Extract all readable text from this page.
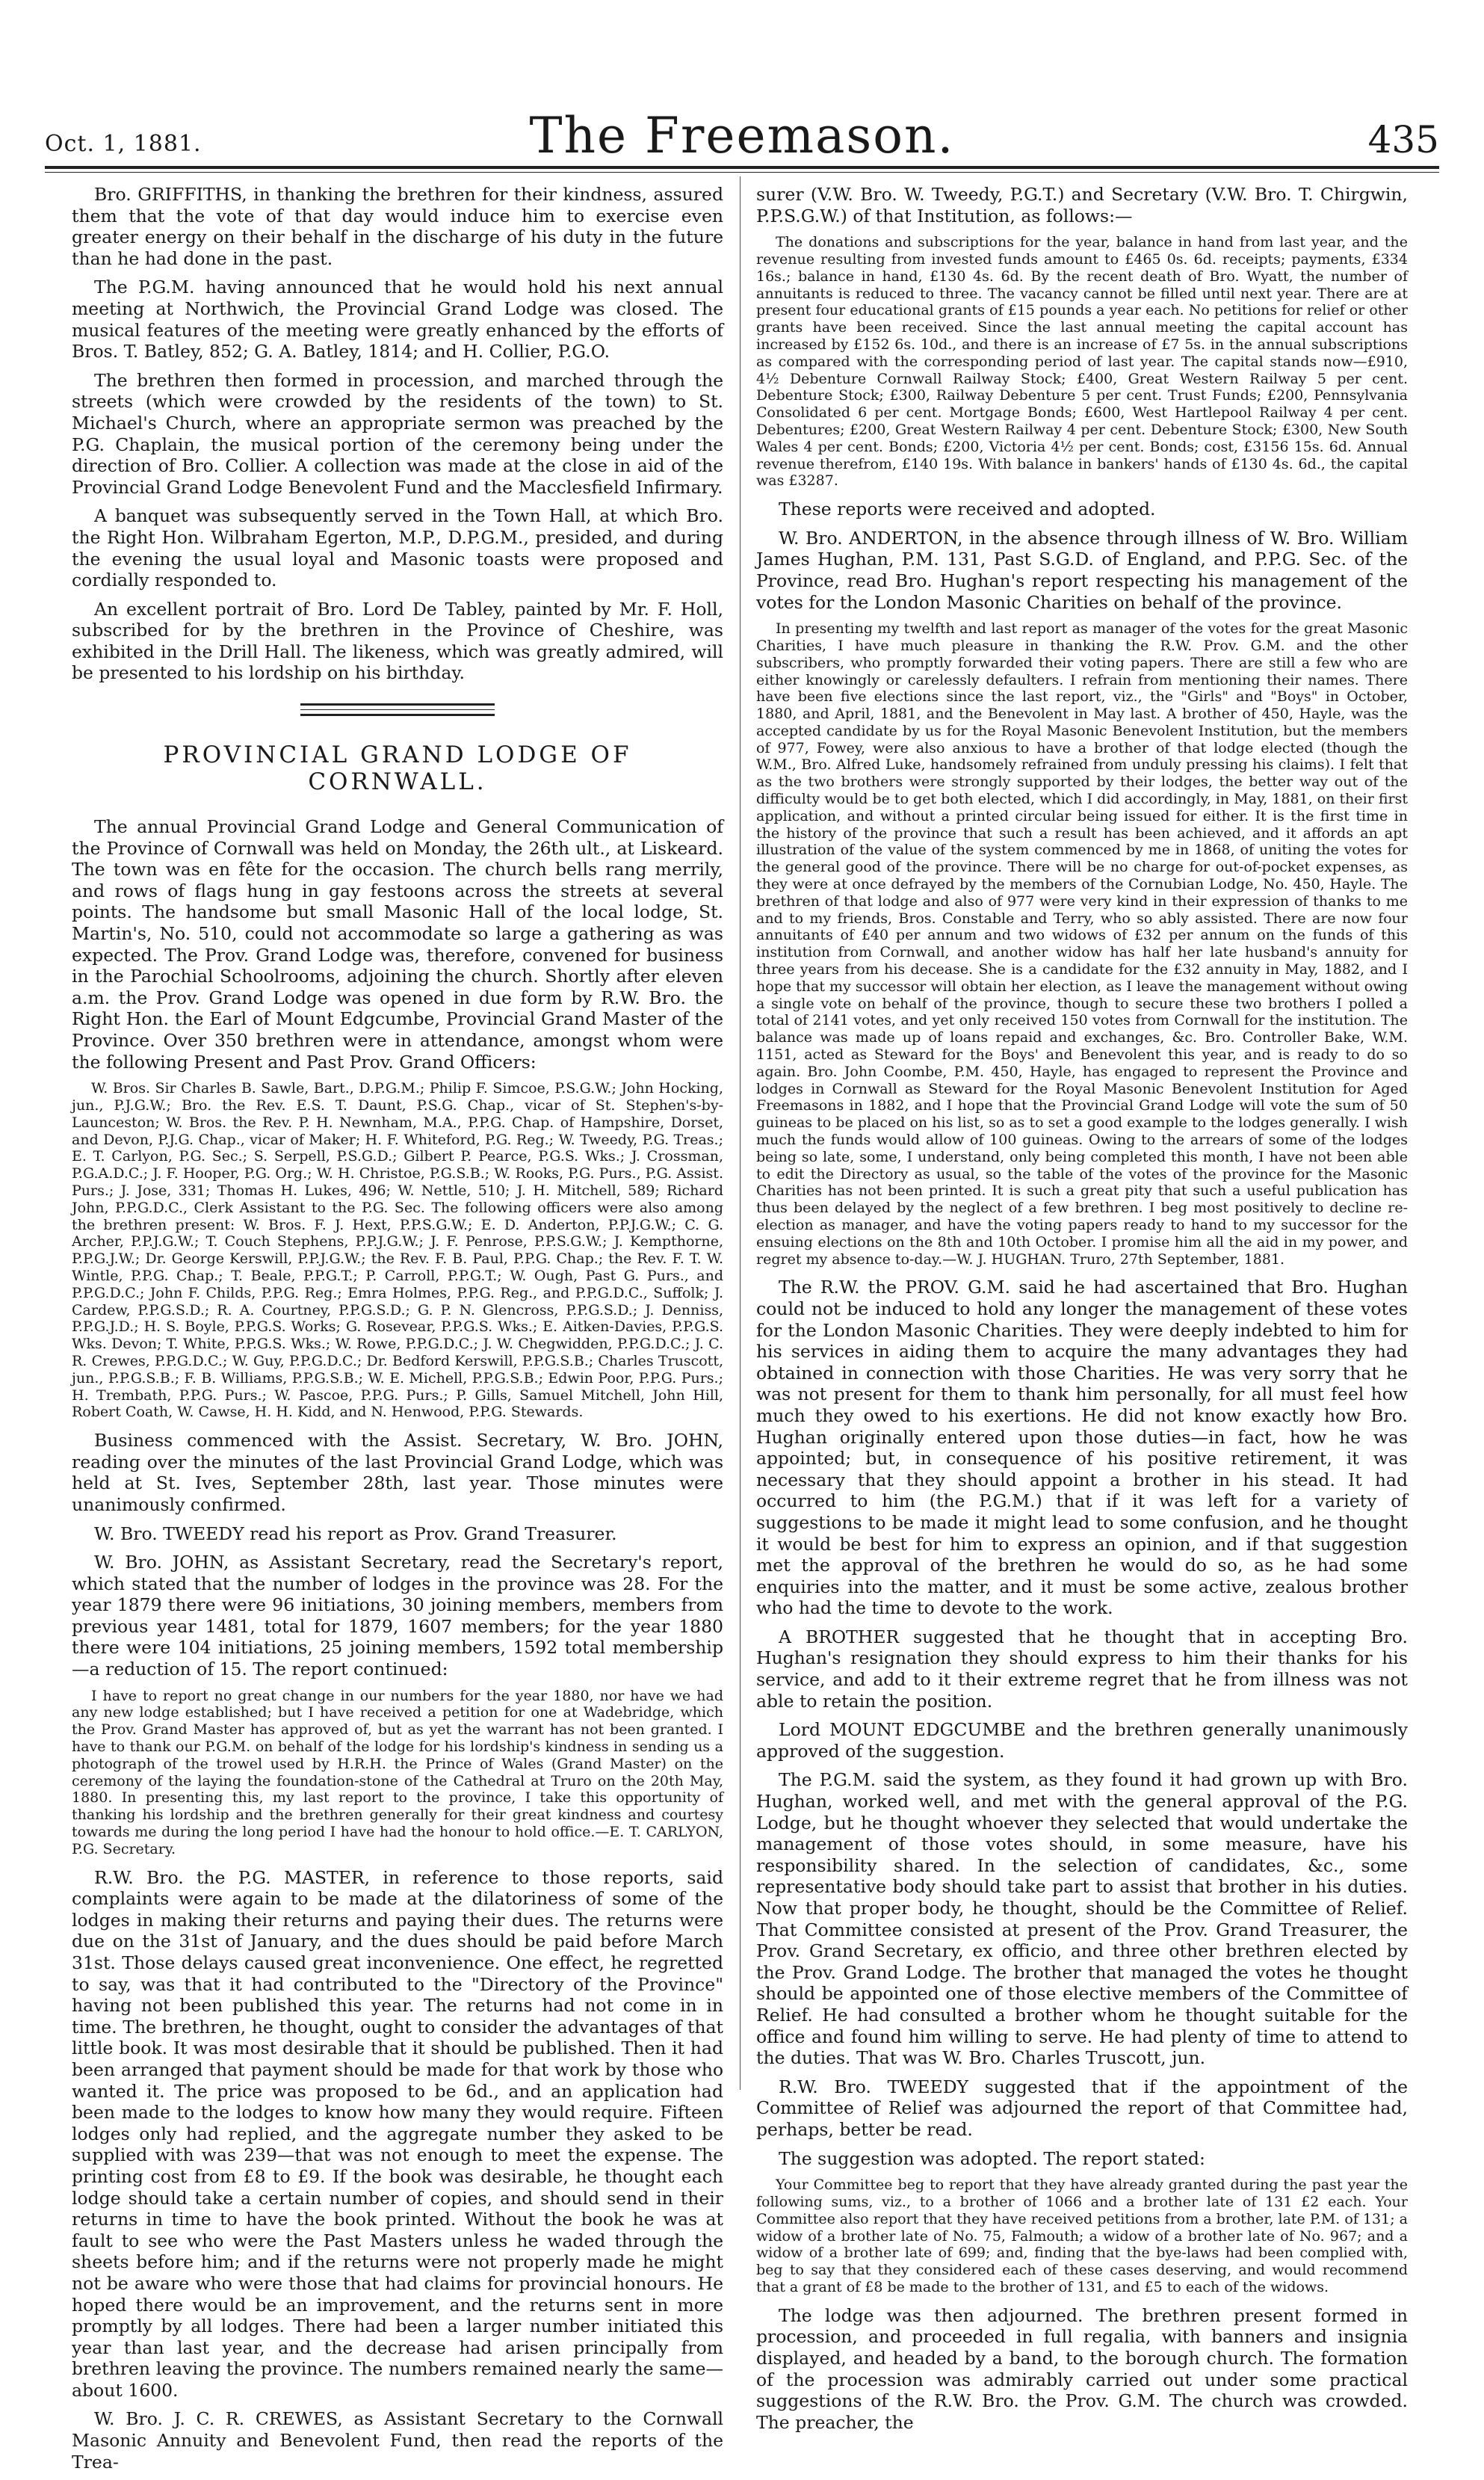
Oct. 1, 1881.	The Freemason.	435

Bro. GRIFFITHS, in thanking the brethren for their kindness, assured them that the vote of that day would induce him to exercise even greater energy on their behalf in the discharge of his duty in the future than he had done in the past.

The P.G.M. having announced that he would hold his next annual meeting at Northwich, the Provincial Grand Lodge was closed. The musical features of the meeting were greatly enhanced by the efforts of Bros. T. Batley, 852; G. A. Batley, 1814; and H. Collier, P.G.O.

The brethren then formed in procession, and marched through the streets (which were crowded by the residents of the town) to St. Michael's Church, where an appropriate sermon was preached by the P.G. Chaplain, the musical portion of the ceremony being under the direction of Bro. Collier. A collection was made at the close in aid of the Provincial Grand Lodge Benevolent Fund and the Macclesfield Infirmary.

A banquet was subsequently served in the Town Hall, at which Bro. the Right Hon. Wilbraham Egerton, M.P., D.P.G.M., presided, and during the evening the usual loyal and Masonic toasts were proposed and cordially responded to.

An excellent portrait of Bro. Lord De Tabley, painted by Mr. F. Holl, subscribed for by the brethren in the Province of Cheshire, was exhibited in the Drill Hall. The likeness, which was greatly admired, will be presented to his lordship on his birthday.

PROVINCIAL GRAND LODGE OF CORNWALL.

The annual Provincial Grand Lodge and General Communication of the Province of Cornwall was held on Monday, the 26th ult., at Liskeard. The town was en fête for the occasion. The church bells rang merrily, and rows of flags hung in gay festoons across the streets at several points. The handsome but small Masonic Hall of the local lodge, St. Martin's, No. 510, could not accommodate so large a gathering as was expected. The Prov. Grand Lodge was, therefore, convened for business in the Parochial Schoolrooms, adjoining the church. Shortly after eleven a.m. the Prov. Grand Lodge was opened in due form by R.W. Bro. the Right Hon. the Earl of Mount Edgcumbe, Provincial Grand Master of the Province. Over 350 brethren were in attendance, amongst whom were the following Present and Past Prov. Grand Officers:

W. Bros. Sir Charles B. Sawle, Bart., D.P.G.M.; Philip F. Simcoe, P.S.G.W.; John Hocking, jun., P.J.G.W.; Bro. the Rev. E.S. T. Daunt, P.S.G. Chap., vicar of St. Stephen's-by-Launceston; W. Bros. the Rev. P. H. Newnham, M.A., P.P.G. Chap. of Hampshire, Dorset, and Devon, P.J.G. Chap., vicar of Maker; H. F. Whiteford, P.G. Reg.; W. Tweedy, P.G. Treas.; E. T. Carlyon, P.G. Sec.; S. Serpell, P.S.G.D.; Gilbert P. Pearce, P.G.S. Wks.; J. Crossman, P.G.A.D.C.; J. F. Hooper, P.G. Org.; W. H. Christoe, P.G.S.B.; W. Rooks, P.G. Purs., P.G. Assist. Purs.; J. Jose, 331; Thomas H. Lukes, 496; W. Nettle, 510; J. H. Mitchell, 589; Richard John, P.P.G.D.C., Clerk Assistant to the P.G. Sec. The following officers were also among the brethren present: W. Bros. F. J. Hext, P.P.S.G.W.; E. D. Anderton, P.P.J.G.W.; C. G. Archer, P.P.J.G.W.; T. Couch Stephens, P.P.J.G.W.; J. F. Penrose, P.P.S.G.W.; J. Kempthorne, P.P.G.J.W.; Dr. George Kerswill, P.P.J.G.W.; the Rev. F. B. Paul, P.P.G. Chap.; the Rev. F. T. W. Wintle, P.P.G. Chap.; T. Beale, P.P.G.T.; P. Carroll, P.P.G.T.; W. Ough, Past G. Purs., and P.P.G.D.C.; John F. Childs, P.P.G. Reg.; Emra Holmes, P.P.G. Reg., and P.P.G.D.C., Suffolk; J. Cardew, P.P.G.S.D.; R. A. Courtney, P.P.G.S.D.; G. P. N. Glencross, P.P.G.S.D.; J. Denniss, P.P.G.J.D.; H. S. Boyle, P.P.G.S. Works; G. Rosevear, P.P.G.S. Wks.; E. Aitken-Davies, P.P.G.S. Wks. Devon; T. White, P.P.G.S. Wks.; W. Rowe, P.P.G.D.C.; J. W. Chegwidden, P.P.G.D.C.; J. C. R. Crewes, P.P.G.D.C.; W. Guy, P.P.G.D.C.; Dr. Bedford Kerswill, P.P.G.S.B.; Charles Truscott, jun., P.P.G.S.B.; F. B. Williams, P.P.G.S.B.; W. E. Michell, P.P.G.S.B.; Edwin Poor, P.P.G. Purs.; H. Trembath, P.P.G. Purs.; W. Pascoe, P.P.G. Purs.; P. Gills, Samuel Mitchell, John Hill, Robert Coath, W. Cawse, H. H. Kidd, and N. Henwood, P.P.G. Stewards.

Business commenced with the Assist. Secretary, W. Bro. JOHN, reading over the minutes of the last Provincial Grand Lodge, which was held at St. Ives, September 28th, last year. Those minutes were unanimously confirmed.

W. Bro. TWEEDY read his report as Prov. Grand Treasurer.

W. Bro. JOHN, as Assistant Secretary, read the Secretary's report, which stated that the number of lodges in the province was 28. For the year 1879 there were 96 initiations, 30 joining members, members from previous year 1481, total for 1879, 1607 members; for the year 1880 there were 104 initiations, 25 joining members, 1592 total membership—a reduction of 15. The report continued:

I have to report no great change in our numbers for the year 1880, nor have we had any new lodge established; but I have received a petition for one at Wadebridge, which the Prov. Grand Master has approved of, but as yet the warrant has not been granted. I have to thank our P.G.M. on behalf of the lodge for his lordship's kindness in sending us a photograph of the trowel used by H.R.H. the Prince of Wales (Grand Master) on the ceremony of the laying the foundation-stone of the Cathedral at Truro on the 20th May, 1880. In presenting this, my last report to the province, I take this opportunity of thanking his lordship and the brethren generally for their great kindness and courtesy towards me during the long period I have had the honour to hold office.—E. T. CARLYON, P.G. Secretary.

R.W. Bro. the P.G. MASTER, in reference to those reports, said complaints were again to be made at the dilatoriness of some of the lodges in making their returns and paying their dues. The returns were due on the 31st of January, and the dues should be paid before March 31st. Those delays caused great inconvenience. One effect, he regretted to say, was that it had contributed to the "Directory of the Province" having not been published this year. The returns had not come in in time. The brethren, he thought, ought to consider the advantages of that little book. It was most desirable that it should be published. Then it had been arranged that payment should be made for that work by those who wanted it. The price was proposed to be 6d., and an application had been made to the lodges to know how many they would require. Fifteen lodges only had replied, and the aggregate number they asked to be supplied with was 239—that was not enough to meet the expense. The printing cost from £8 to £9. If the book was desirable, he thought each lodge should take a certain number of copies, and should send in their returns in time to have the book printed. Without the book he was at fault to see who were the Past Masters unless he waded through the sheets before him; and if the returns were not properly made he might not be aware who were those that had claims for provincial honours. He hoped there would be an improvement, and the returns sent in more promptly by all lodges. There had been a larger number initiated this year than last year, and the decrease had arisen principally from brethren leaving the province. The numbers remained nearly the same—about 1600.

W. Bro. J. C. R. CREWES, as Assistant Secretary to the Cornwall Masonic Annuity and Benevolent Fund, then read the reports of the Trea-

surer (V.W. Bro. W. Tweedy, P.G.T.) and Secretary (V.W. Bro. T. Chirgwin, P.P.S.G.W.) of that Institution, as follows:—

The donations and subscriptions for the year, balance in hand from last year, and the revenue resulting from invested funds amount to £465 0s. 6d. receipts; payments, £334 16s.; balance in hand, £130 4s. 6d. By the recent death of Bro. Wyatt, the number of annuitants is reduced to three. The vacancy cannot be filled until next year. There are at present four educational grants of £15 pounds a year each. No petitions for relief or other grants have been received. Since the last annual meeting the capital account has increased by £152 6s. 10d., and there is an increase of £7 5s. in the annual subscriptions as compared with the corresponding period of last year. The capital stands now—£910, 4½ Debenture Cornwall Railway Stock; £400, Great Western Railway 5 per cent. Debenture Stock; £300, Railway Debenture 5 per cent. Trust Funds; £200, Pennsylvania Consolidated 6 per cent. Mortgage Bonds; £600, West Hartlepool Railway 4 per cent. Debentures; £200, Great Western Railway 4 per cent. Debenture Stock; £300, New South Wales 4 per cent. Bonds; £200, Victoria 4½ per cent. Bonds; cost, £3156 15s. 6d. Annual revenue therefrom, £140 19s. With balance in bankers' hands of £130 4s. 6d., the capital was £3287.

These reports were received and adopted.

W. Bro. ANDERTON, in the absence through illness of W. Bro. William James Hughan, P.M. 131, Past S.G.D. of England, and P.P.G. Sec. of the Province, read Bro. Hughan's report respecting his management of the votes for the London Masonic Charities on behalf of the province.

In presenting my twelfth and last report as manager of the votes for the great Masonic Charities, I have much pleasure in thanking the R.W. Prov. G.M. and the other subscribers, who promptly forwarded their voting papers. There are still a few who are either knowingly or carelessly defaulters. I refrain from mentioning their names. There have been five elections since the last report, viz., the "Girls" and "Boys" in October, 1880, and April, 1881, and the Benevolent in May last. A brother of 450, Hayle, was the accepted candidate by us for the Royal Masonic Benevolent Institution, but the members of 977, Fowey, were also anxious to have a brother of that lodge elected (though the W.M., Bro. Alfred Luke, handsomely refrained from unduly pressing his claims). I felt that as the two brothers were strongly supported by their lodges, the better way out of the difficulty would be to get both elected, which I did accordingly, in May, 1881, on their first application, and without a printed circular being issued for either. It is the first time in the history of the province that such a result has been achieved, and it affords an apt illustration of the value of the system commenced by me in 1868, of uniting the votes for the general good of the province. There will be no charge for out-of-pocket expenses, as they were at once defrayed by the members of the Cornubian Lodge, No. 450, Hayle. The brethren of that lodge and also of 977 were very kind in their expression of thanks to me and to my friends, Bros. Constable and Terry, who so ably assisted. There are now four annuitants of £40 per annum and two widows of £32 per annum on the funds of this institution from Cornwall, and another widow has half her late husband's annuity for three years from his decease. She is a candidate for the £32 annuity in May, 1882, and I hope that my successor will obtain her election, as I leave the management without owing a single vote on behalf of the province, though to secure these two brothers I polled a total of 2141 votes, and yet only received 150 votes from Cornwall for the institution. The balance was made up of loans repaid and exchanges, &c. Bro. Controller Bake, W.M. 1151, acted as Steward for the Boys' and Benevolent this year, and is ready to do so again. Bro. John Coombe, P.M. 450, Hayle, has engaged to represent the Province and lodges in Cornwall as Steward for the Royal Masonic Benevolent Institution for Aged Freemasons in 1882, and I hope that the Provincial Grand Lodge will vote the sum of 50 guineas to be placed on his list, so as to set a good example to the lodges generally. I wish much the funds would allow of 100 guineas. Owing to the arrears of some of the lodges being so late, some, I understand, only being completed this month, I have not been able to edit the Directory as usual, so the table of the votes of the province for the Masonic Charities has not been printed. It is such a great pity that such a useful publication has thus been delayed by the neglect of a few brethren. I beg most positively to decline re-election as manager, and have the voting papers ready to hand to my successor for the ensuing elections on the 8th and 10th October. I promise him all the aid in my power, and regret my absence to-day.—W. J. HUGHAN. Truro, 27th September, 1881.

The R.W. the PROV. G.M. said he had ascertained that Bro. Hughan could not be induced to hold any longer the management of these votes for the London Masonic Charities. They were deeply indebted to him for his services in aiding them to acquire the many advantages they had obtained in connection with those Charities. He was very sorry that he was not present for them to thank him personally, for all must feel how much they owed to his exertions. He did not know exactly how Bro. Hughan originally entered upon those duties—in fact, how he was appointed; but, in consequence of his positive retirement, it was necessary that they should appoint a brother in his stead. It had occurred to him (the P.G.M.) that if it was left for a variety of suggestions to be made it might lead to some confusion, and he thought it would be best for him to express an opinion, and if that suggestion met the approval of the brethren he would do so, as he had some enquiries into the matter, and it must be some active, zealous brother who had the time to devote to the work.

A BROTHER suggested that he thought that in accepting Bro. Hughan's resignation they should express to him their thanks for his service, and add to it their extreme regret that he from illness was not able to retain the position.

Lord MOUNT EDGCUMBE and the brethren generally unanimously approved of the suggestion.

The P.G.M. said the system, as they found it had grown up with Bro. Hughan, worked well, and met with the general approval of the P.G. Lodge, but he thought whoever they selected that would undertake the management of those votes should, in some measure, have his responsibility shared. In the selection of candidates, &c., some representative body should take part to assist that brother in his duties. Now that proper body, he thought, should be the Committee of Relief. That Committee consisted at present of the Prov. Grand Treasurer, the Prov. Grand Secretary, ex officio, and three other brethren elected by the Prov. Grand Lodge. The brother that managed the votes he thought should be appointed one of those elective members of the Committee of Relief. He had consulted a brother whom he thought suitable for the office and found him willing to serve. He had plenty of time to attend to the duties. That was W. Bro. Charles Truscott, jun.

R.W. Bro. TWEEDY suggested that if the appointment of the Committee of Relief was adjourned the report of that Committee had, perhaps, better be read.

The suggestion was adopted. The report stated:

Your Committee beg to report that they have already granted during the past year the following sums, viz., to a brother of 1066 and a brother late of 131 £2 each. Your Committee also report that they have received petitions from a brother, late P.M. of 131; a widow of a brother late of No. 75, Falmouth; a widow of a brother late of No. 967; and a widow of a brother late of 699; and, finding that the bye-laws had been complied with, beg to say that they considered each of these cases deserving, and would recommend that a grant of £8 be made to the brother of 131, and £5 to each of the widows.

The lodge was then adjourned. The brethren present formed in procession, and proceeded in full regalia, with banners and insignia displayed, and headed by a band, to the borough church. The formation of the procession was admirably carried out under some practical suggestions of the R.W. Bro. the Prov. G.M. The church was crowded. The preacher, the
